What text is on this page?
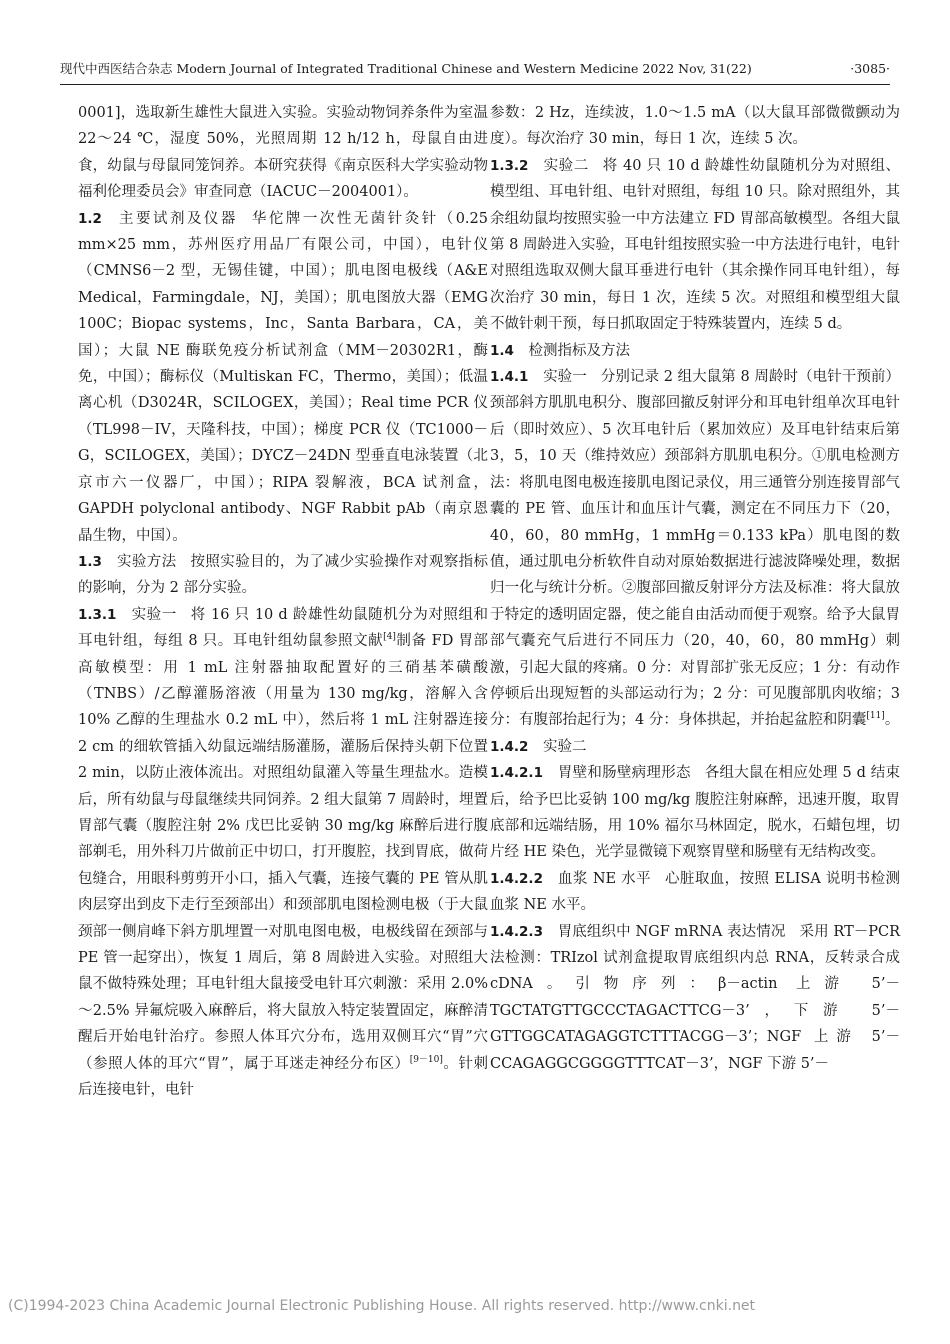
现代中西医结合杂志 Modern Journal of Integrated Traditional Chinese and Western Medicine 2022 Nov, 31(22)	·3085·

0001]，选取新生雄性大鼠进入实验。实验动物饲养条件为室温 22～24 ℃，湿度 50%，光照周期 12 h/12 h，母鼠自由进食，幼鼠与母鼠同笼饲养。本研究获得《南京医科大学实验动物福利伦理委员会》审查同意（IACUC－2004001）。

1.2 主要试剂及仪器 华佗牌一次性无菌针灸针（0.25 mm×25 mm，苏州医疗用品厂有限公司，中国），电针仪（CMNS6－2 型，无锡佳键，中国）；肌电图电极线（A&E Medical，Farmingdale，NJ，美国）；肌电图放大器（EMG 100C；Biopac systems，Inc，Santa Barbara，CA，美国）；大鼠 NE 酶联免疫分析试剂盒（MM－20302R1，酶免，中国）；酶标仪（Multiskan FC，Thermo，美国）；低温离心机（D3024R，SCILOGEX，美国）；Real time PCR 仪（TL998－IV，天隆科技，中国）；梯度 PCR 仪（TC1000－G，SCILOGEX，美国）；DYCZ－24DN 型垂直电泳装置（北京市六一仪器厂，中国）；RIPA 裂解液，BCA 试剂盒，GAPDH polyclonal antibody、NGF Rabbit pAb（南京恩晶生物，中国）。

1.3 实验方法 按照实验目的，为了减少实验操作对观察指标的影响，分为 2 部分实验。

1.3.1 实验一 将 16 只 10 d 龄雄性幼鼠随机分为对照组和耳电针组，每组 8 只。耳电针组幼鼠参照文献[4]制备 FD 胃部高敏模型：用 1 mL 注射器抽取配置好的三硝基苯磺酸（TNBS）/乙醇灌肠溶液（用量为 130 mg/kg，溶解入含 10% 乙醇的生理盐水 0.2 mL 中），然后将 1 mL 注射器连接 2 cm 的细软管插入幼鼠远端结肠灌肠，灌肠后保持头朝下位置 2 min，以防止液体流出。对照组幼鼠灌入等量生理盐水。造模后，所有幼鼠与母鼠继续共同饲养。2 组大鼠第 7 周龄时，埋置胃部气囊（腹腔注射 2% 戊巴比妥钠 30 mg/kg 麻醉后进行腹部剃毛，用外科刀片做前正中切口，打开腹腔，找到胃底，做荷包缝合，用眼科剪剪开小口，插入气囊，连接气囊的 PE 管从肌肉层穿出到皮下走行至颈部出）和颈部肌电图检测电极（于大鼠颈部一侧肩峰下斜方肌埋置一对肌电图电极，电极线留在颈部与 PE 管一起穿出），恢复 1 周后，第 8 周龄进入实验。对照组大鼠不做特殊处理；耳电针组大鼠接受电针耳穴刺激：采用 2.0%～2.5% 异氟烷吸入麻醉后，将大鼠放入特定装置固定，麻醉清醒后开始电针治疗。参照人体耳穴分布，选用双侧耳穴“胃”穴（参照人体的耳穴“胃”，属于耳迷走神经分布区）[9－10]。针刺后连接电针，电针

参数：2 Hz，连续波，1.0～1.5 mA（以大鼠耳部微微颤动为度）。每次治疗 30 min，每日 1 次，连续 5 次。

1.3.2 实验二 将 40 只 10 d 龄雄性幼鼠随机分为对照组、模型组、耳电针组、电针对照组，每组 10 只。除对照组外，其余组幼鼠均按照实验一中方法建立 FD 胃部高敏模型。各组大鼠第 8 周龄进入实验，耳电针组按照实验一中方法进行电针，电针对照组选取双侧大鼠耳垂进行电针（其余操作同耳电针组），每次治疗 30 min，每日 1 次，连续 5 次。对照组和模型组大鼠不做针刺干预，每日抓取固定于特殊装置内，连续 5 d。

1.4 检测指标及方法

1.4.1 实验一 分别记录 2 组大鼠第 8 周龄时（电针干预前）颈部斜方肌肌电积分、腹部回撤反射评分和耳电针组单次耳电针后（即时效应）、5 次耳电针后（累加效应）及耳电针结束后第 3，5，10 天（维持效应）颈部斜方肌肌电积分。①肌电检测方法：将肌电图电极连接肌电图记录仪，用三通管分别连接胃部气囊的 PE 管、血压计和血压计气囊，测定在不同压力下（20，40，60，80 mmHg，1 mmHg＝0.133 kPa）肌电图的数值，通过肌电分析软件自动对原始数据进行滤波降噪处理，数据归一化与统计分析。②腹部回撤反射评分方法及标准：将大鼠放于特定的透明固定器，使之能自由活动而便于观察。给予大鼠胃部气囊充气后进行不同压力（20，40，60，80 mmHg）刺激，引起大鼠的疼痛。0 分：对胃部扩张无反应；1 分：有动作停顿后出现短暂的头部运动行为；2 分：可见腹部肌肉收缩；3 分：有腹部抬起行为；4 分：身体拱起，并抬起盆腔和阴囊[11]。

1.4.2 实验二

1.4.2.1 胃壁和肠壁病理形态 各组大鼠在相应处理 5 d 结束后，给予巴比妥钠 100 mg/kg 腹腔注射麻醉，迅速开腹，取胃底部和远端结肠，用 10% 福尔马林固定，脱水，石蜡包埋，切片经 HE 染色，光学显微镜下观察胃壁和肠壁有无结构改变。

1.4.2.2 血浆 NE 水平 心脏取血，按照 ELISA 说明书检测血浆 NE 水平。

1.4.2.3 胃底组织中 NGF mRNA 表达情况 采用 RT－PCR 法检测：TRIzol 试剂盒提取胃底组织内总 RNA，反转录合成 cDNA。引物序列：β－actin 上游 5’－TGCTATGTTGCCCTAGACTTCG－3’，下游 5’－GTTGGCATAGAGGTCTTTACGG－3’；NGF 上游 5’－CCAGAGGCGGGGTTTCAT－3’，NGF 下游 5’－

(C)1994-2023 China Academic Journal Electronic Publishing House. All rights reserved. http://www.cnki.net
